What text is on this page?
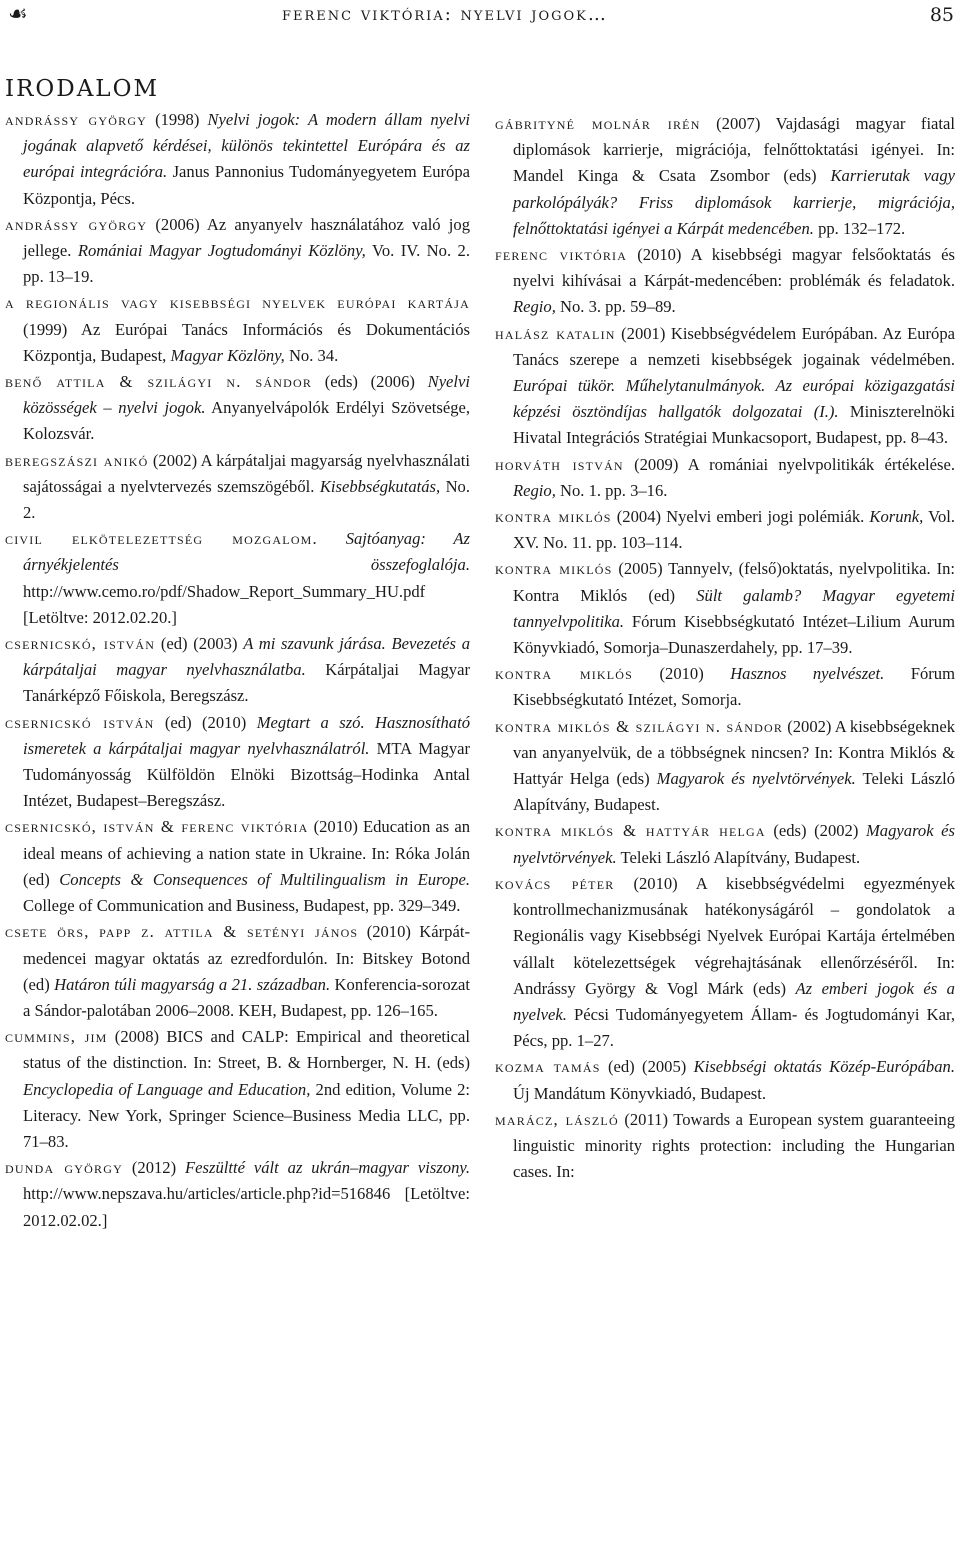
☙	ferenc viktória: nyelvi jogok…	85
IRODALOM
andrássy györgy (1998) Nyelvi jogok: A modern állam nyelvi jogának alapvető kérdései, különös tekintettel Európára és az európai integrációra. Janus Pannonius Tudományegyetem Európa Központja, Pécs.
andrássy györgy (2006) Az anyanyelv használatához való jog jellege. Romániai Magyar Jogtudományi Közlöny, Vo. IV. No. 2. pp. 13–19.
a regionális vagy kisebbségi nyelvek európai kartája (1999) Az Európai Tanács Információs és Dokumentációs Központja, Budapest, Magyar Közlöny, No. 34.
benő attila & szilágyi n. sándor (eds) (2006) Nyelvi közösségek – nyelvi jogok. Anyanyelvápolók Erdélyi Szövetsége, Kolozsvár.
beregszászi anikó (2002) A kárpátaljai magyarság nyelvhasználati sajátosságai a nyelvtervezés szemszögéből. Kisebbségkutatás, No. 2.
civil elkötelezettség mozgalom. Sajtóanyag: Az árnyékjelentés összefoglalója. http://www.cemo.ro/pdf/Shadow_Report_Summary_HU.pdf [Letöltve: 2012.02.20.]
csernicskó, istván (ed) (2003) A mi szavunk járása. Bevezetés a kárpátaljai magyar nyelvhasználatba. Kárpátaljai Magyar Tanárképző Főiskola, Beregszász.
csernicskó istván (ed) (2010) Megtart a szó. Hasznosítható ismeretek a kárpátaljai magyar nyelvhasználatról. MTA Magyar Tudományosság Külföldön Elnöki Bizottság–Hodinka Antal Intézet, Budapest–Beregszász.
csernicskó, istván & ferenc viktória (2010) Education as an ideal means of achieving a nation state in Ukraine. In: Róka Jolán (ed) Concepts & Consequences of Multilingualism in Europe. College of Communication and Business, Budapest, pp. 329–349.
csete örs, papp z. attila & setényi jános (2010) Kárpát-medencei magyar oktatás az ezredfordulón. In: Bitskey Botond (ed) Határon túli magyarság a 21. században. Konferencia-sorozat a Sándor-palotában 2006–2008. KEH, Budapest, pp. 126–165.
cummins, jim (2008) BICS and CALP: Empirical and theoretical status of the distinction. In: Street, B. & Hornberger, N. H. (eds) Encyclopedia of Language and Education, 2nd edition, Volume 2: Literacy. New York, Springer Science–Business Media LLC, pp. 71–83.
dunda györgy (2012) Feszültté vált az ukrán–magyar viszony. http://www.nepszava.hu/articles/article.php?id=516846 [Letöltve: 2012.02.02.]
gábrityné molnár irén (2007) Vajdasági magyar fiatal diplomások karrierje, migrációja, felnőttoktatási igényei. In: Mandel Kinga & Csata Zsombor (eds) Karrierutak vagy parkolópályák? Friss diplomások karrierje, migrációja, felnőttoktatási igényei a Kárpát medencében. pp. 132–172.
ferenc viktória (2010) A kisebbségi magyar felsőoktatás és nyelvi kihívásai a Kárpát-medencében: problémák és feladatok. Regio, No. 3. pp. 59–89.
halász katalin (2001) Kisebbségvédelem Európában. Az Európa Tanács szerepe a nemzeti kisebbségek jogainak védelmében. Európai tükör. Műhelytanulmányok. Az európai közigazgatási képzési ösztöndíjas hallgatók dolgozatai (I.). Miniszterelnöki Hivatal Integrációs Stratégiai Munkacsoport, Budapest, pp. 8–43.
horváth istván (2009) A romániai nyelvpolitikák értékelése. Regio, No. 1. pp. 3–16.
kontra miklós (2004) Nyelvi emberi jogi polémiák. Korunk, Vol. XV. No. 11. pp. 103–114.
kontra miklós (2005) Tannyelv, (felső)oktatás, nyelvpolitika. In: Kontra Miklós (ed) Sült galamb? Magyar egyetemi tannyelvpolitika. Fórum Kisebbségkutató Intézet–Lilium Aurum Könyvkiadó, Somorja–Dunaszerdahely, pp. 17–39.
kontra miklós (2010) Hasznos nyelvészet. Fórum Kisebbségkutató Intézet, Somorja.
kontra miklós & szilágyi n. sándor (2002) A kisebbségeknek van anyanyelvük, de a többségnek nincsen? In: Kontra Miklós & Hattyár Helga (eds) Magyarok és nyelvtörvények. Teleki László Alapítvány, Budapest.
kontra miklós & hattyár helga (eds) (2002) Magyarok és nyelvtörvények. Teleki László Alapítvány, Budapest.
kovács péter (2010) A kisebbségvédelmi egyezmények kontrollmechanizmusának hatékonyságáról – gondolatok a Regionális vagy Kisebbségi Nyelvek Európai Kartája értelmében vállalt kötelezettségek végrehajtásának ellenőrzéséről. In: Andrássy György & Vogl Márk (eds) Az emberi jogok és a nyelvek. Pécsi Tudományegyetem Állam- és Jogtudományi Kar, Pécs, pp. 1–27.
kozma tamás (ed) (2005) Kisebbségi oktatás Közép-Európában. Új Mandátum Könyvkiadó, Budapest.
marácz, lászló (2011) Towards a European system guaranteeing linguistic minority rights protection: including the Hungarian cases. In:
